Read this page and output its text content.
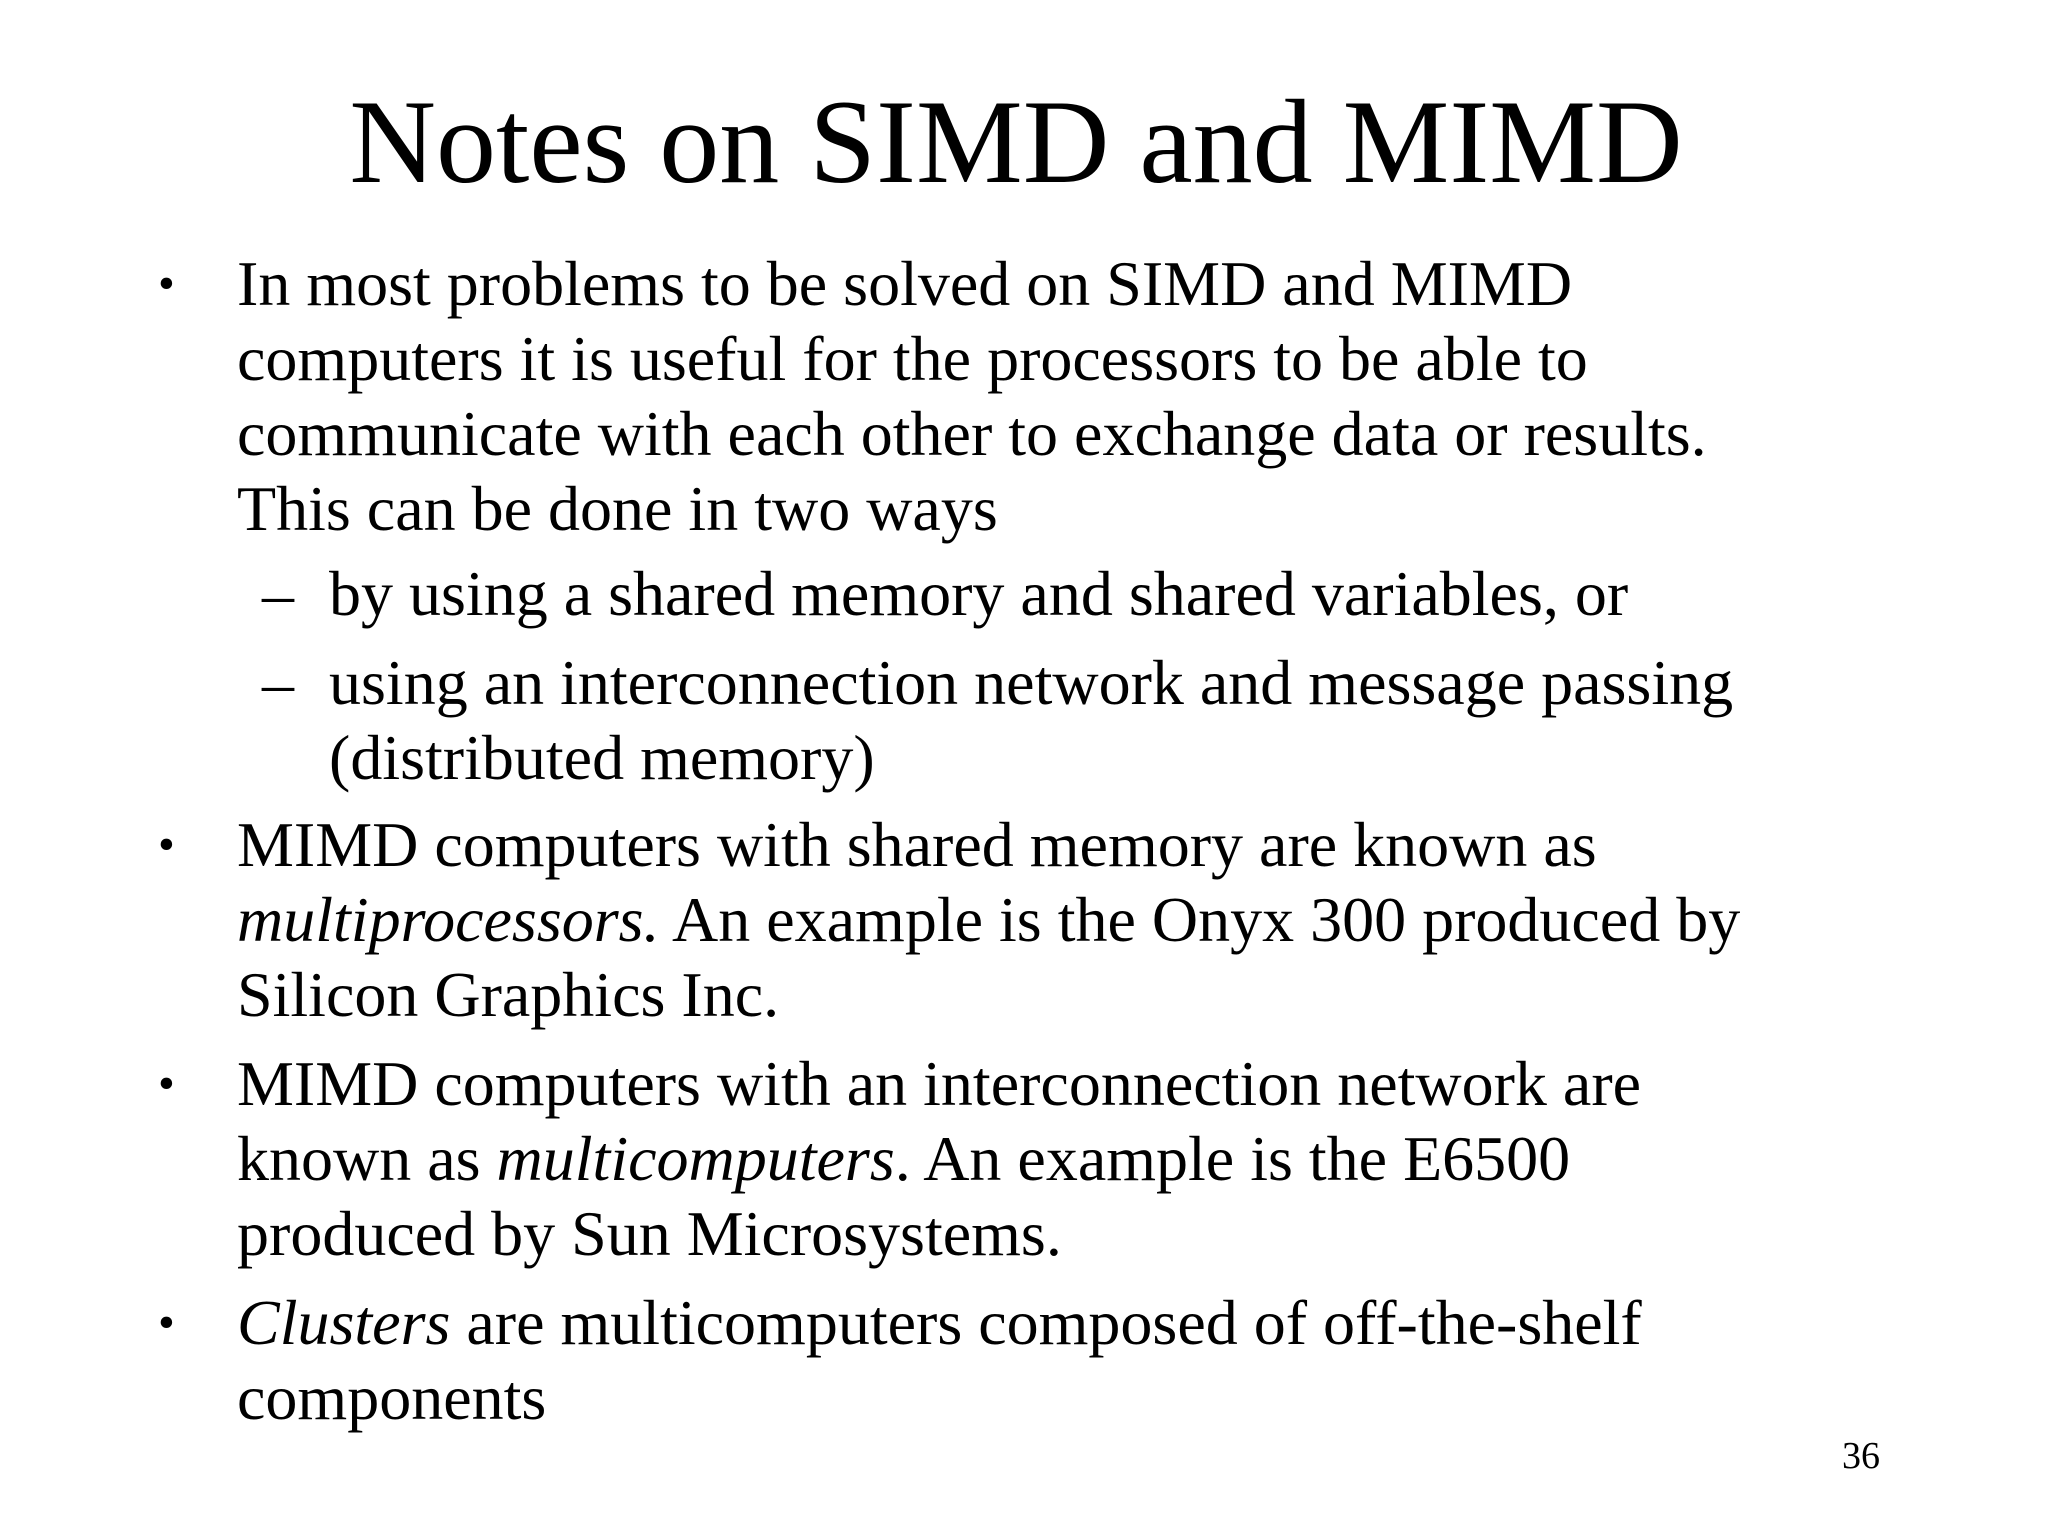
Notes on SIMD and MIMD
• In most problems to be solved on SIMD and MIMD
computers it is useful for the processors to be able to
communicate with each other to exchange data or results.
This can be done in two ways
– by using a shared memory and shared variables, or
– using an interconnection network and message passing
(distributed memory)
• MIMD computers with shared memory are known as
multiprocessors. An example is the Onyx 300 produced by
Silicon Graphics Inc.
• MIMD computers with an interconnection network are
known as multicomputers. An example is the E6500
produced by Sun Microsystems.
• Clusters are multicomputers composed of off-the-shelf
components
36
